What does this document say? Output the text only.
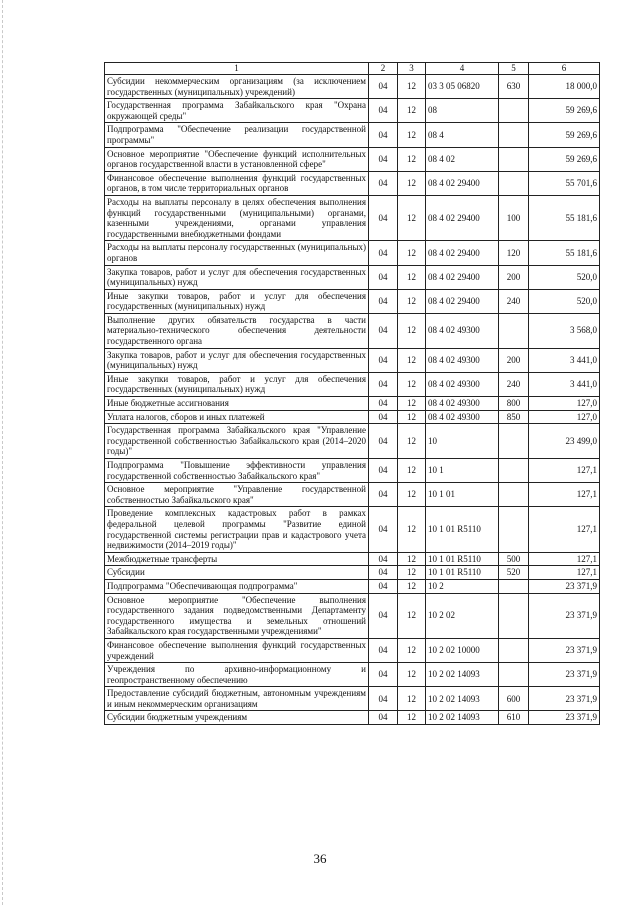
1	2	3	4	5	6
Субсидии некоммерческим организациям (за исключением государственных (муниципальных) учреждений)	04	12	03 3 05 06820	630	18 000,0
Государственная программа Забайкальского края "Охрана окружающей среды"	04	12	08		59 269,6
Подпрограмма "Обеспечение реализации государственной программы"	04	12	08 4		59 269,6
Основное мероприятие "Обеспечение функций исполнительных органов государственной власти в установленной сфере"	04	12	08 4 02		59 269,6
Финансовое обеспечение выполнения функций государственных органов, в том числе территориальных органов	04	12	08 4 02 29400		55 701,6
Расходы на выплаты персоналу в целях обеспечения выполнения функций государственными (муниципальными) органами, казенными учреждениями, органами управления государственными внебюджетными фондами	04	12	08 4 02 29400	100	55 181,6
Расходы на выплаты персоналу государственных (муниципальных) органов	04	12	08 4 02 29400	120	55 181,6
Закупка товаров, работ и услуг для обеспечения государственных (муниципальных) нужд	04	12	08 4 02 29400	200	520,0
Иные закупки товаров, работ и услуг для обеспечения государственных (муниципальных) нужд	04	12	08 4 02 29400	240	520,0
Выполнение других обязательств государства в части материально-технического обеспечения деятельности государственного органа	04	12	08 4 02 49300		3 568,0
Закупка товаров, работ и услуг для обеспечения государственных (муниципальных) нужд	04	12	08 4 02 49300	200	3 441,0
Иные закупки товаров, работ и услуг для обеспечения государственных (муниципальных) нужд	04	12	08 4 02 49300	240	3 441,0
Иные бюджетные ассигнования	04	12	08 4 02 49300	800	127,0
Уплата налогов, сборов и иных платежей	04	12	08 4 02 49300	850	127,0
Государственная программа Забайкальского края "Управление государственной собственностью Забайкальского края (2014–2020 годы)"	04	12	10		23 499,0
Подпрограмма "Повышение эффективности управления государственной собственностью Забайкальского края"	04	12	10 1		127,1
Основное мероприятие "Управление государственной собственностью Забайкальского края"	04	12	10 1 01		127,1
Проведение комплексных кадастровых работ в рамках федеральной целевой программы "Развитие единой государственной системы регистрации прав и кадастрового учета недвижимости (2014–2019 годы)"	04	12	10 1 01 R5110		127,1
Межбюджетные трансферты	04	12	10 1 01 R5110	500	127,1
Субсидии	04	12	10 1 01 R5110	520	127,1
Подпрограмма "Обеспечивающая подпрограмма"	04	12	10 2		23 371,9
Основное мероприятие "Обеспечение выполнения государственного задания подведомственными Департаменту государственного имущества и земельных отношений Забайкальского края государственными учреждениями"	04	12	10 2 02		23 371,9
Финансовое обеспечение выполнения функций государственных учреждений	04	12	10 2 02 10000		23 371,9
Учреждения по архивно-информационному и геопространственному обеспечению	04	12	10 2 02 14093		23 371,9
Предоставление субсидий бюджетным, автономным учреждениям и иным некоммерческим организациям	04	12	10 2 02 14093	600	23 371,9
Субсидии бюджетным учреждениям	04	12	10 2 02 14093	610	23 371,9
36
